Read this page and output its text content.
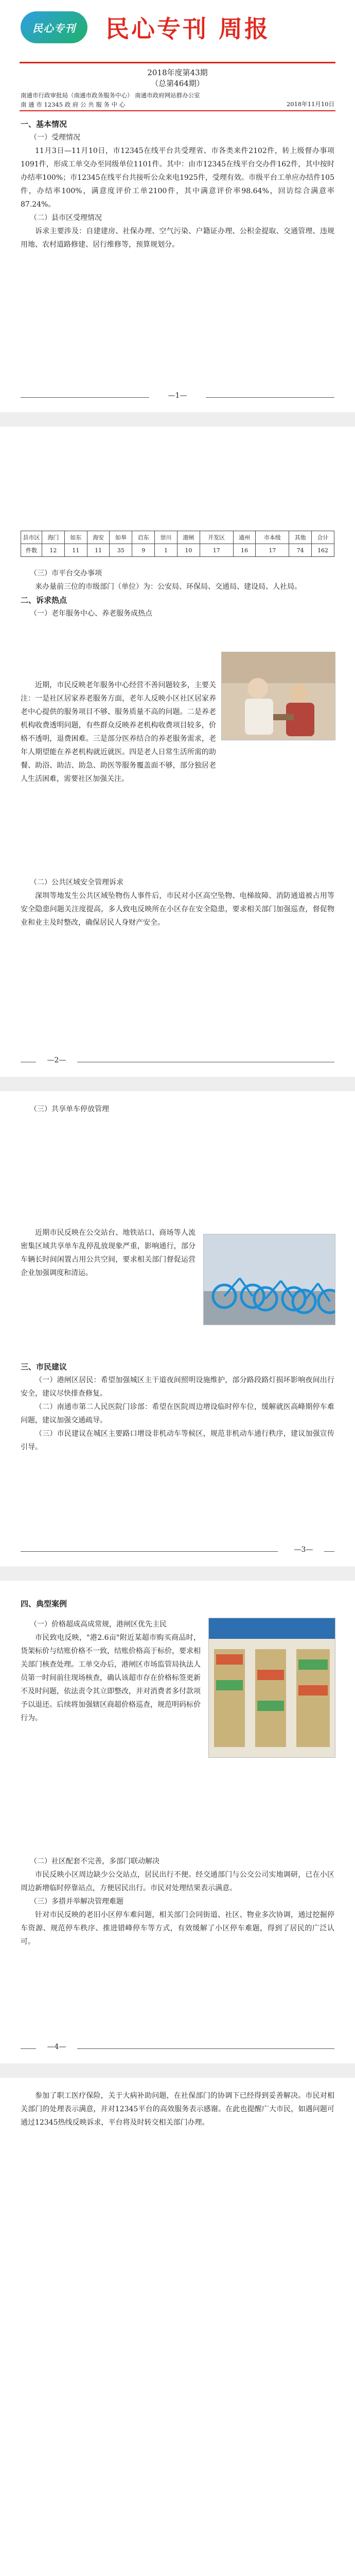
民心专刊 民心专刊 周报
2018年度第43期
（总第464期）
南通市行政审批局（南通市政务服务中心） 南通市政府网站群办公室
南 通 市 12345 政 府 公 共 服 务 中 心	2018年11月10日

一、基本情况

（一）受理情况

11月3日—11月10日，市12345在线平台共受理省、市各类来件2102件，转上级督办事项1091件，形成工单交办至同级单位1101件。其中：由市12345在线平台交办件162件，其中按时办结率100%；市12345在线平台共接听公众来电1925件，受理有效。市级平台工单应办结件105件，办结率100%，满意度评价工单2100件，其中满意评价率98.64%，回访综合满意率87.24%。

（二）县市区受理情况

诉求主要涉及：自建建房、社保办理、空气污染、户籍证办理、公积金提取、交通管理、违规用地、农村道路修建、居行维修等，预算规划分。

—1—
县市区	海门	如东	海安	如皋	启东	崇川	港闸	开发区	通州	市本级	其他	合计
件数	12	11	11	35	9	1	10	17	16	17	74	162

（三）市平台交办事项

来办量前三位的市级部门（单位）为：公安局、环保局、交通局、建设局、人社局。

二、诉求热点

（一）老年服务中心、养老服务成热点

近期，市民反映老年服务中心经营不善问题较多，主要关注：一是社区居家养老服务方面，老年人反映小区社区居家养老中心提供的服务项目不够、服务质量不高的问题。二是养老机构收费透明问题，有些群众反映养老机构收费项目较多，价格不透明，退费困难。三是部分医养结合的养老服务需求，老年人期望能在养老机构就近就医。四是老人日常生活所需的助餐、助浴、助洁、助急、助医等服务覆盖面不够，部分独居老人生活困难，需要社区加强关注。

（二）公共区域安全管理诉求

深圳等地发生公共区域坠物伤人事件后，市民对小区高空坠物、电梯故障、消防通道被占用等安全隐患问题关注度提高，多人致电反映所在小区存在安全隐患，要求相关部门加强巡查，督促物业和业主及时整改，确保居民人身财产安全。

—2—

（三）共享单车停放管理

近期市民反映在公交站台、地铁站口、商场等人流密集区域共享单车乱停乱放现象严重，影响通行，部分车辆长时间闲置占用公共空间，要求相关部门督促运营企业加强调度和清运。

三、市民建议

（一）港闸区居民：希望加强城区主干道夜间照明设施维护，部分路段路灯损坏影响夜间出行安全，建议尽快排查修复。

（二）南通市第二人民医院门诊部：希望在医院周边增设临时停车位，缓解就医高峰期停车难问题，建议加强交通疏导。

（三）市民建议在城区主要路口增设非机动车等候区，规范非机动车通行秩序，建议加强宣传引导。

—3—

四、典型案例

（一）价格超成高成常规，港闸区优先主民

市民致电反映，"港2.6亩"附近某超市购买商品时，货架标价与结账价格不一致，结账价格高于标价，要求相关部门核查处理。工单交办后，港闸区市场监管局执法人员第一时间前往现场核查，确认该超市存在价格标签更新不及时问题，依法责令其立即整改，并对消费者多付款项予以退还。后续将加强辖区商超价格巡查，规范明码标价行为。

（二）社区配套不完善，多部门联动解决

市民反映小区周边缺少公交站点，居民出行不便。经交通部门与公交公司实地调研，已在小区周边新增临时停靠站点，方便居民出行。市民对处理结果表示满意。

（三）多措并举解决管理难题

针对市民反映的老旧小区停车难问题，相关部门会同街道、社区、物业多次协调，通过挖掘停车资源、规范停车秩序、推进错峰停车等方式，有效缓解了小区停车难题，得到了居民的广泛认可。

—4—

参加了职工医疗保险，关于大病补助问题，在社保部门的协调下已经得到妥善解决。市民对相关部门的处理表示满意，并对12345平台的高效服务表示感谢。在此也提醒广大市民，如遇问题可通过12345热线反映诉求，平台将及时转交相关部门办理。
